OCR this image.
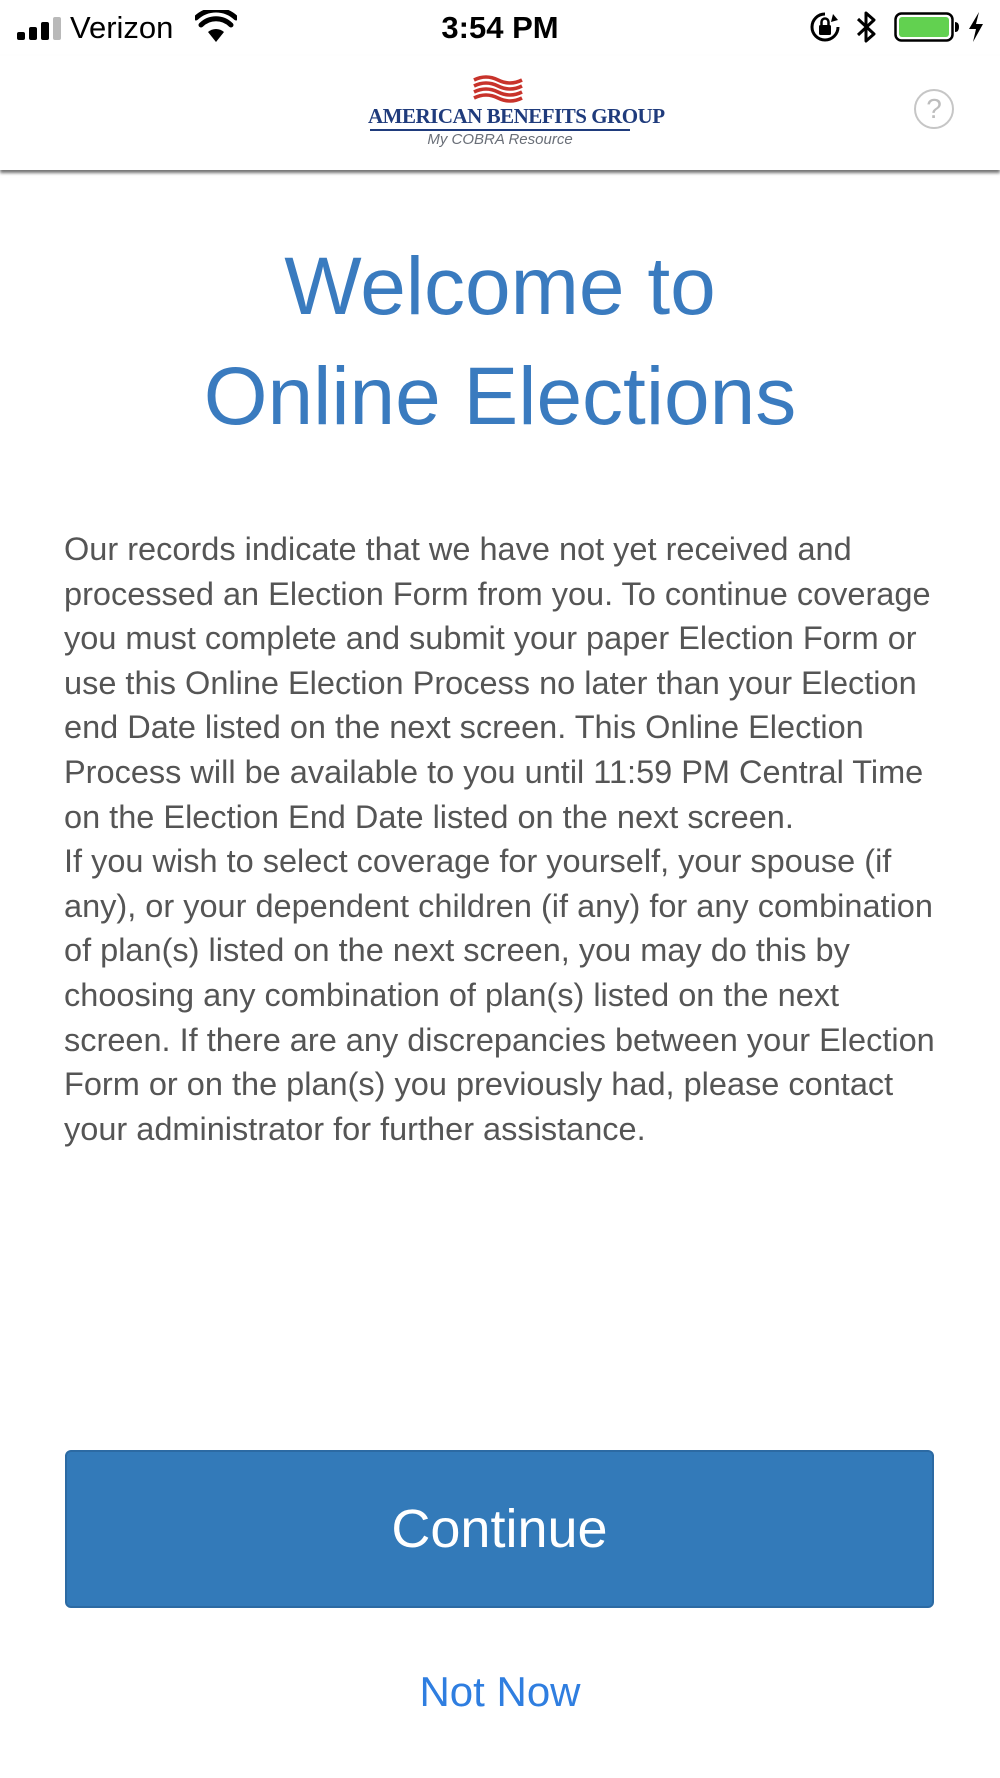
Verizon	3:54 PM
AMERICAN BENEFITS GROUP
My COBRA Resource
?
Welcome to
Online Elections

Our records indicate that we have not yet received and processed an Election Form from you. To continue coverage you must complete and submit your paper Election Form or use this Online Election Process no later than your Election end Date listed on the next screen. This Online Election Process will be available to you until 11:59 PM Central Time on the Election End Date listed on the next screen.

If you wish to select coverage for yourself, your spouse (if any), or your dependent children (if any) for any combination of plan(s) listed on the next screen, you may do this by choosing any combination of plan(s) listed on the next screen. If there are any discrepancies between your Election Form or on the plan(s) you previously had, please contact your administrator for further assistance.

Continue
Not Now
